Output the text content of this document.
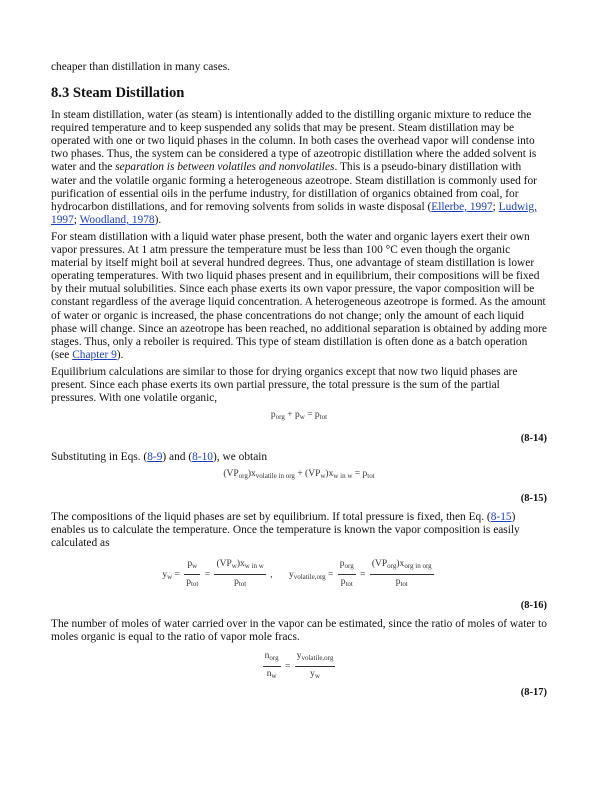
cheaper than distillation in many cases.

8.3 Steam Distillation

In steam distillation, water (as steam) is intentionally added to the distilling organic mixture to reduce the required temperature and to keep suspended any solids that may be present. Steam distillation may be operated with one or two liquid phases in the column. In both cases the overhead vapor will condense into two phases. Thus, the system can be considered a type of azeotropic distillation where the added solvent is water and the separation is between volatiles and nonvolatiles. This is a pseudo-binary distillation with water and the volatile organic forming a heterogeneous azeotrope. Steam distillation is commonly used for purification of essential oils in the perfume industry, for distillation of organics obtained from coal, for hydrocarbon distillations, and for removing solvents from solids in waste disposal (Ellerbe, 1997; Ludwig, 1997; Woodland, 1978).

For steam distillation with a liquid water phase present, both the water and organic layers exert their own vapor pressures. At 1 atm pressure the temperature must be less than 100 °C even though the organic material by itself might boil at several hundred degrees. Thus, one advantage of steam distillation is lower operating temperatures. With two liquid phases present and in equilibrium, their compositions will be fixed by their mutual solubilities. Since each phase exerts its own vapor pressure, the vapor composition will be constant regardless of the average liquid concentration. A heterogeneous azeotrope is formed. As the amount of water or organic is increased, the phase concentrations do not change; only the amount of each liquid phase will change. Since an azeotrope has been reached, no additional separation is obtained by adding more stages. Thus, only a reboiler is required. This type of steam distillation is often done as a batch operation (see Chapter 9).

Equilibrium calculations are similar to those for drying organics except that now two liquid phases are present. Since each phase exerts its own partial pressure, the total pressure is the sum of the partial pressures. With one volatile organic,

$p_{org} + p_w = p_{tot}$
(8-14)

Substituting in Eqs. (8-9) and (8-10), we obtain

$(VP_{org})x_{volatile in org} + (VP_w)x_{w in w} = p_{tot}$
(8-15)

The compositions of the liquid phases are set by equilibrium. If total pressure is fixed, then Eq. (8-15) enables us to calculate the temperature. Once the temperature is known the vapor composition is easily calculated as

$y_w = \frac{p_w}{p_{tot}} = \frac{(VP_w)x_{w in w}}{p_{tot}}$ , $y_{volatile,org} = \frac{p_{org}}{p_{tot}} = \frac{(VP_{org})x_{org in org}}{p_{tot}}$
(8-16)

The number of moles of water carried over in the vapor can be estimated, since the ratio of moles of water to moles organic is equal to the ratio of vapor mole fracs.

$\frac{n_{org}}{n_w} = \frac{y_{volatile,org}}{y_w}$
(8-17)
